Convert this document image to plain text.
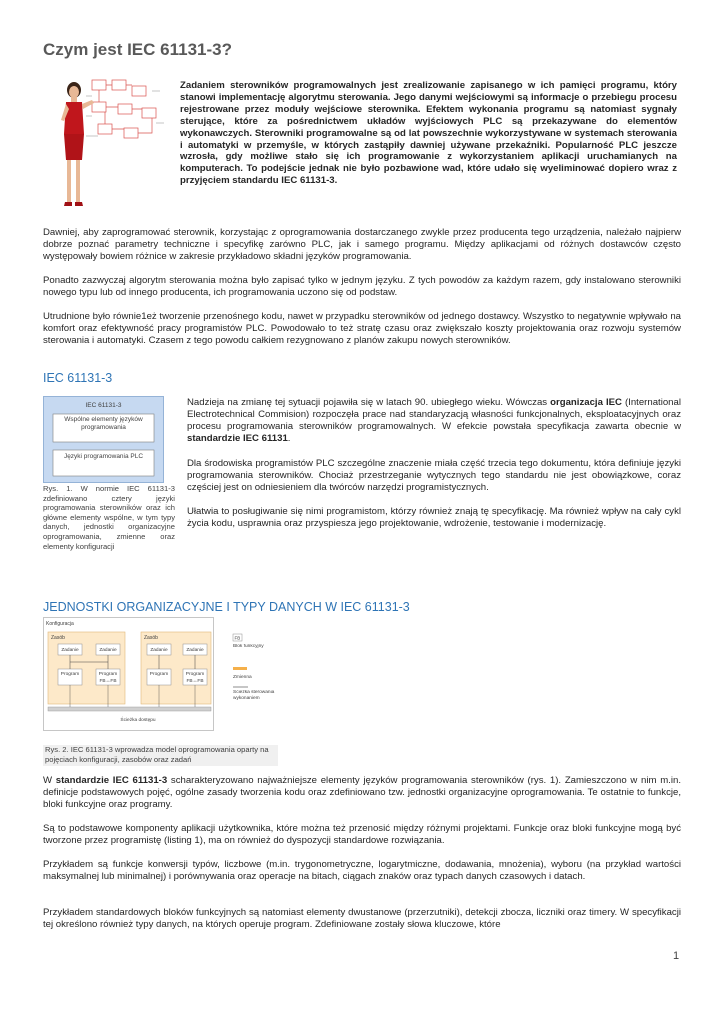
Czym jest IEC 61131-3?

Zadaniem sterowników programowalnych jest zrealizowanie zapisanego w ich pamięci programu, który stanowi implementację algorytmu sterowania. Jego danymi wejściowymi są informacje o przebiegu procesu rejestrowane przez moduły wejściowe sterownika. Efektem wykonania programu są natomiast sygnały sterujące, które za pośrednictwem układów wyjściowych PLC są przekazywane do elementów wykonawczych. Sterowniki programowalne są od lat powszechnie wykorzystywane w systemach sterowania i automatyki w przemyśle, w których zastąpiły dawniej używane przekaźniki. Popularność PLC jeszcze wzrosła, gdy możliwe stało się ich programowanie z wykorzystaniem aplikacji uruchamianych na komputerach. To podejście jednak nie było pozbawione wad, które udało się wyeliminować dopiero wraz z przyjęciem standardu IEC 61131-3.

Dawniej, aby zaprogramować sterownik, korzystając z oprogramowania dostarczanego zwykle przez producenta tego urządzenia, należało najpierw dobrze poznać parametry techniczne i specyfikę zarówno PLC, jak i samego programu. Między aplikacjami od różnych dostawców często występowały bowiem różnice w zakresie przykładowo składni języków programowania.

Ponadto zazwyczaj algorytm sterowania można było zapisać tylko w jednym języku. Z tych powodów za każdym razem, gdy instalowano sterowniki nowego typu lub od innego producenta, ich programowania uczono się od podstaw.

Utrudnione było równie1eż tworzenie przenośnego kodu, nawet w przypadku sterowników od jednego dostawcy. Wszystko to negatywnie wpływało na komfort oraz efektywność pracy programistów PLC. Powodowało to też stratę czasu oraz zwiększało koszty projektowania oraz rozwoju systemów sterowania i automatyki. Czasem z tego powodu całkiem rezygnowano z planów zakupu nowych sterowników.

IEC 61131-3
IEC 61131-3
Wspólne elementy języków programowania
Języki programowania PLC

Rys. 1. W normie IEC 61131-3 zdefiniowano cztery języki programowania sterowników oraz ich główne elementy wspólne, w tym typy danych, jednostki organizacyjne oprogramowania, zmienne oraz elementy konfiguracji

Nadzieja na zmianę tej sytuacji pojawiła się w latach 90. ubiegłego wieku. Wówczas organizacja IEC (International Electrotechnical Commision) rozpoczęła prace nad standaryzacją własności funkcjonalnych, eksploatacyjnych oraz procesu programowania sterowników programowalnych. W efekcie powstała specyfikacja zawarta obecnie w standardzie IEC 61131.

Dla środowiska programistów PLC szczególne znaczenie miała część trzecia tego dokumentu, która definiuje języki programowania sterowników. Chociaż przestrzeganie wytycznych tego standardu nie jest obowiązkowe, coraz częściej jest on odniesieniem dla twórców narzędzi programistycznych.

Ułatwia to posługiwanie się nimi programistom, którzy również znają tę specyfikację. Ma również wpływ na cały cykl życia kodu, usprawnia oraz przyspiesza jego projektowanie, wdrożenie, testowanie i modernizację.

JEDNOSTKI ORGANIZACYJNE I TYPY DANYCH W IEC 61131-3
Konfiguracja
Zasób
Zadanie	Zadanie
Program	Program
FB↔FB
Zasób
Zadanie	Zadanie
Program	Program
FB↔FB
Ścieżka dostępu
FB
Blok funkcyjny
Zmienna
Ścieżka sterowania wykonaniem

Rys. 2. IEC 61131-3 wprowadza model oprogramowania oparty na pojęciach konfiguracji, zasobów oraz zadań

W standardzie IEC 61131-3 scharakteryzowano najważniejsze elementy języków programowania sterowników (rys. 1). Zamieszczono w nim m.in. definicje podstawowych pojęć, ogólne zasady tworzenia kodu oraz zdefiniowano tzw. jednostki organizacyjne oprogramowania. Te ostatnie to funkcje, bloki funkcyjne oraz programy.

Są to podstawowe komponenty aplikacji użytkownika, które można też przenosić między różnymi projektami. Funkcje oraz bloki funkcyjne mogą być tworzone przez programistę (listing 1), ma on również do dyspozycji standardowe rozwiązania.

Przykładem są funkcje konwersji typów, liczbowe (m.in. trygonometryczne, logarytmiczne, dodawania, mnożenia), wyboru (na przykład wartości maksymalnej lub minimalnej) i porównywania oraz operacje na bitach, ciągach znaków oraz typach danych czasowych i datach.

Przykładem standardowych bloków funkcyjnych są natomiast elementy dwustanowe (przerzutniki), detekcji zbocza, liczniki oraz timery. W specyfikacji tej określono również typy danych, na których operuje program. Zdefiniowane zostały słowa kluczowe, które

1
